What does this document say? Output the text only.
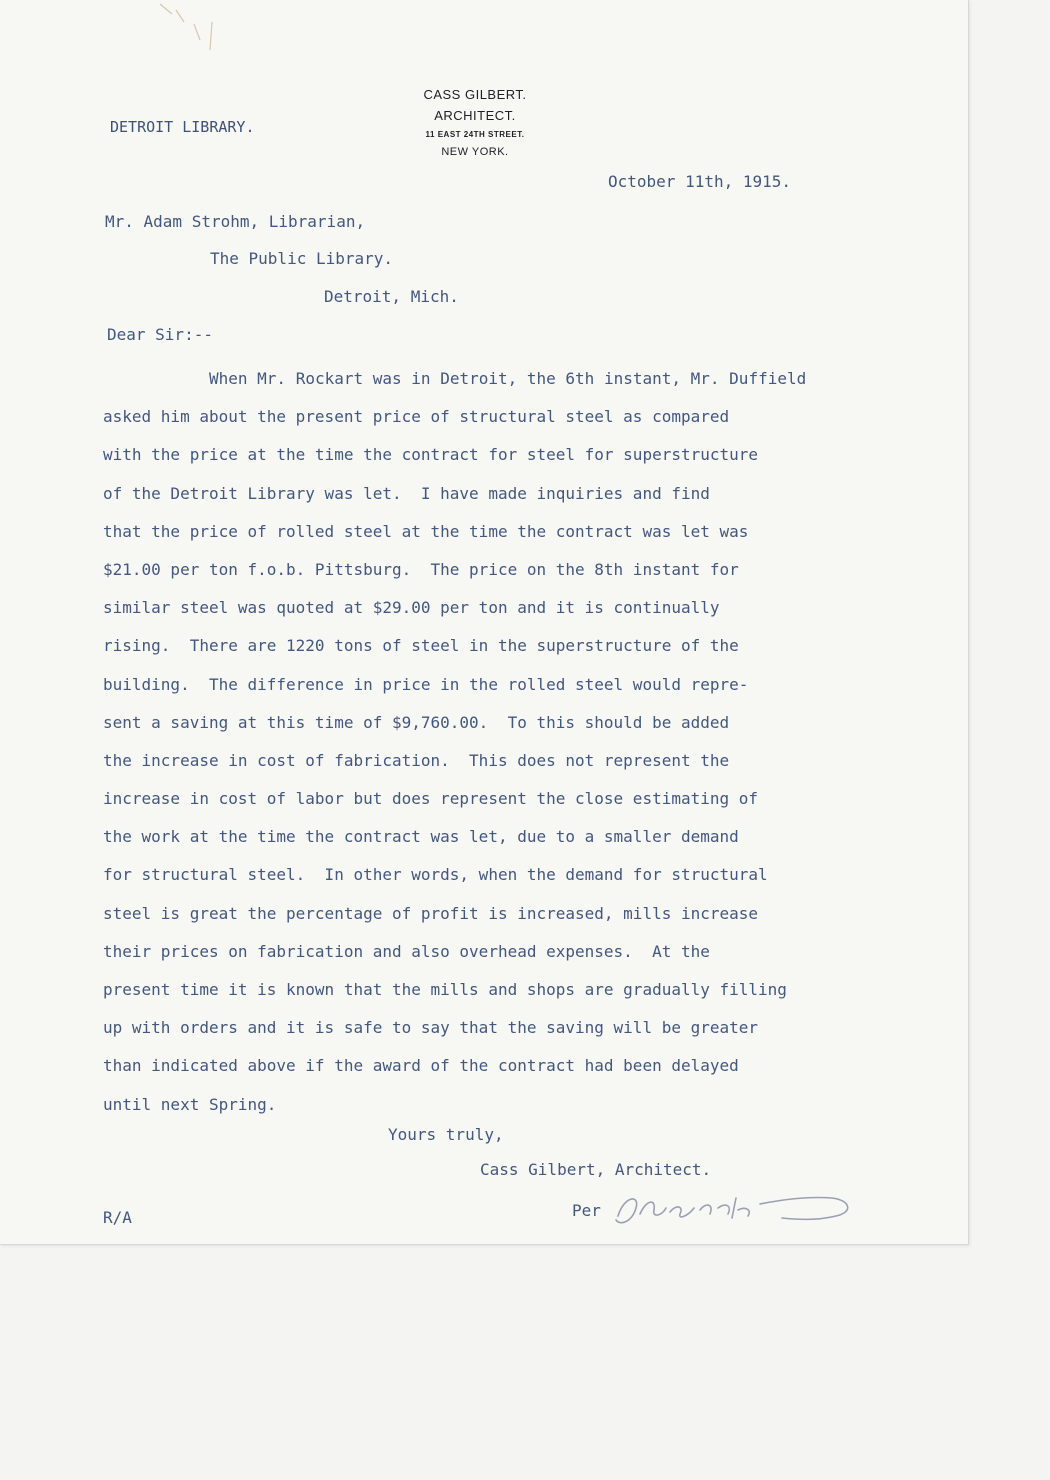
CASS GILBERT.
ARCHITECT.
11 EAST 24TH STREET.
NEW YORK.

DETROIT LIBRARY.

October 11th, 1915.

Mr. Adam Strohm, Librarian,

The Public Library.

Detroit, Mich.

Dear Sir:--

When Mr. Rockart was in Detroit, the 6th instant, Mr. Duffield
asked him about the present price of structural steel as compared
with the price at the time the contract for steel for superstructure
of the Detroit Library was let.  I have made inquiries and find
that the price of rolled steel at the time the contract was let was
$21.00 per ton f.o.b. Pittsburg.  The price on the 8th instant for
similar steel was quoted at $29.00 per ton and it is continually
rising.  There are 1220 tons of steel in the superstructure of the
building.  The difference in price in the rolled steel would repre-
sent a saving at this time of $9,760.00.  To this should be added
the increase in cost of fabrication.  This does not represent the
increase in cost of labor but does represent the close estimating of
the work at the time the contract was let, due to a smaller demand
for structural steel.  In other words, when the demand for structural
steel is great the percentage of profit is increased, mills increase
their prices on fabrication and also overhead expenses.  At the
present time it is known that the mills and shops are gradually filling
up with orders and it is safe to say that the saving will be greater
than indicated above if the award of the contract had been delayed
until next Spring.

Yours truly,

Cass Gilbert, Architect.

R/A	Per
